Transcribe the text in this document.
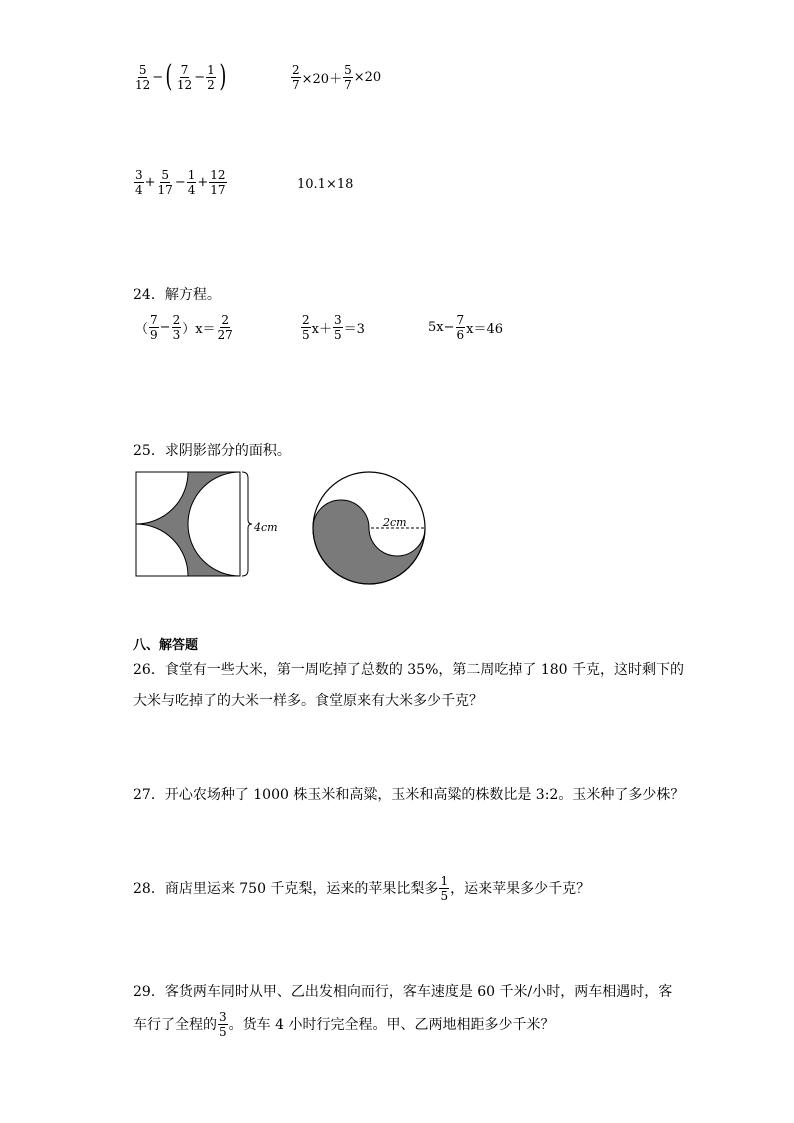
$\frac{5}{12}$ − ( $\frac{7}{12} - \frac{1}{2}$ )	$\frac{2}{7} \times 20+ \frac{5}{7} \times 20$
$\frac{3}{4} + \frac{5}{17} - \frac{1}{4} + \frac{12}{17}$	10.1×18
24．解方程。
（ $\frac{7}{9} - \frac{2}{3} )x= \frac{2}{27}$	$\frac{2}{5} x+ \frac{3}{5} =3$	$5x- \frac{7}{6} x=46$
25．求阴影部分的面积。
4cm	2cm
八、解答题
26．食堂有一些大米，第一周吃掉了总数的 35%，第二周吃掉了 180 千克，这时剩下的
大米与吃掉了的大米一样多。食堂原来有大米多少千克？
27．开心农场种了 1000 株玉米和高粱，玉米和高粱的株数比是 3:2。玉米种了多少株？
28．商店里运来 750 千克梨，运来的苹果比梨多 $\frac{1}{5}$ ，运来苹果多少千克？
29．客货两车同时从甲、乙出发相向而行，客车速度是 60 千米/小时，两车相遇时，客
车行了全程的 $\frac{3}{5}$ 。货车 4 小时行完全程。甲、乙两地相距多少千米？
